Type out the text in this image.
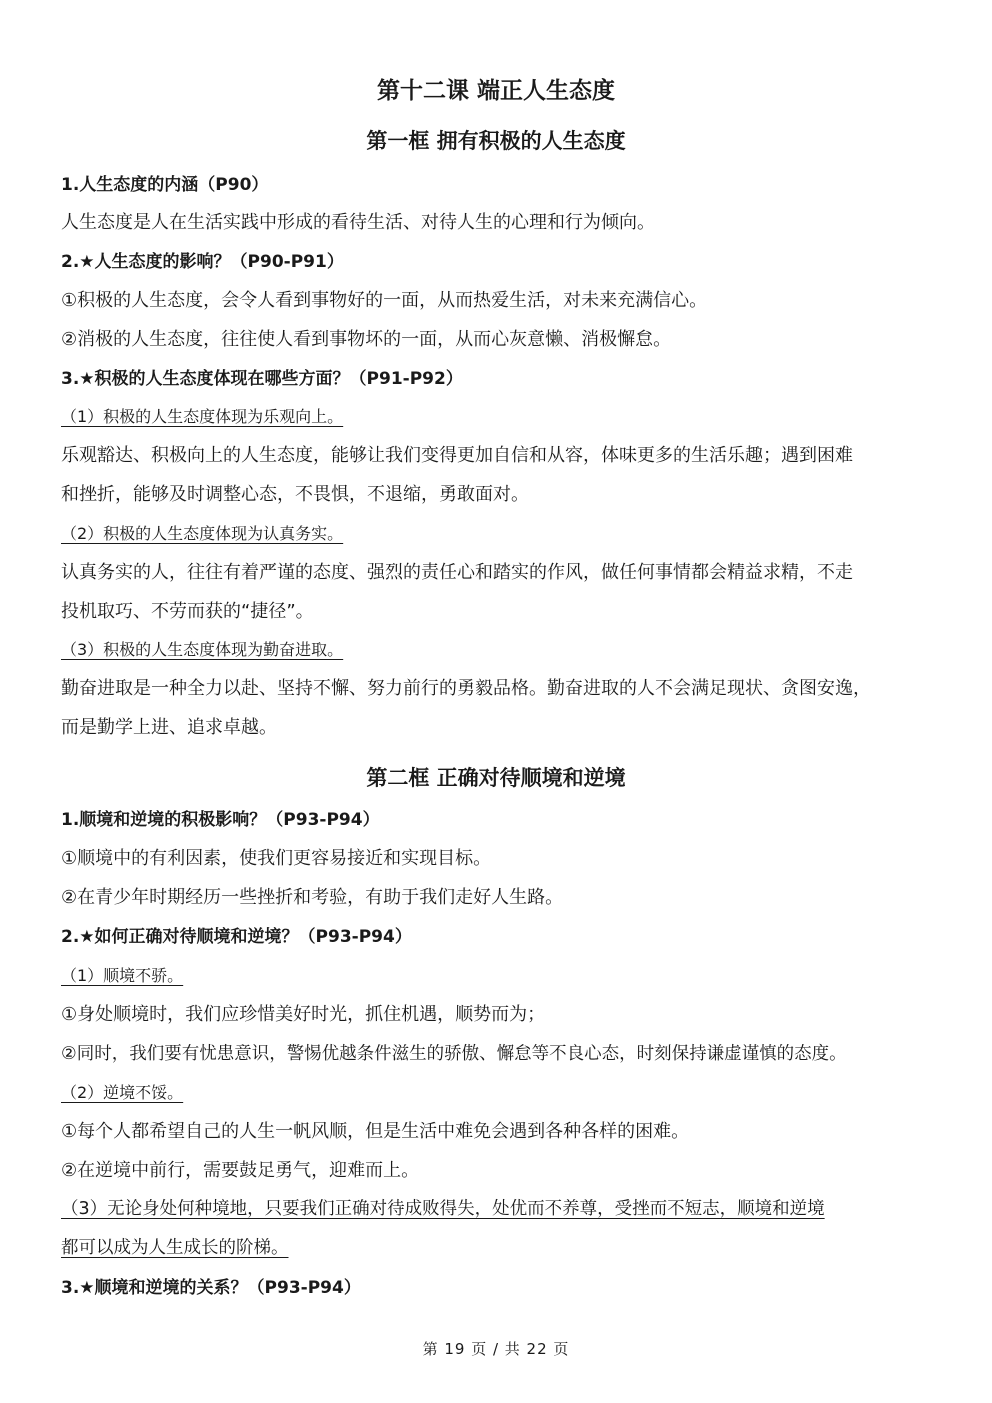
第十二课 端正人生态度
第一框 拥有积极的人生态度
1.人生态度的内涵（P90）
人生态度是人在生活实践中形成的看待生活、对待人生的心理和行为倾向。
2.★人生态度的影响？（P90-P91）
①积极的人生态度，会令人看到事物好的一面，从而热爱生活，对未来充满信心。
②消极的人生态度，往往使人看到事物坏的一面，从而心灰意懒、消极懈怠。
3.★积极的人生态度体现在哪些方面？（P91-P92）
（1）积极的人生态度体现为乐观向上。
乐观豁达、积极向上的人生态度，能够让我们变得更加自信和从容，体味更多的生活乐趣；遇到困难
和挫折，能够及时调整心态，不畏惧，不退缩，勇敢面对。
（2）积极的人生态度体现为认真务实。
认真务实的人，往往有着严谨的态度、强烈的责任心和踏实的作风，做任何事情都会精益求精，不走
投机取巧、不劳而获的“捷径”。
（3）积极的人生态度体现为勤奋进取。
勤奋进取是一种全力以赴、坚持不懈、努力前行的勇毅品格。勤奋进取的人不会满足现状、贪图安逸，
而是勤学上进、追求卓越。
第二框 正确对待顺境和逆境
1.顺境和逆境的积极影响？（P93-P94）
①顺境中的有利因素，使我们更容易接近和实现目标。
②在青少年时期经历一些挫折和考验，有助于我们走好人生路。
2.★如何正确对待顺境和逆境？（P93-P94）
（1）顺境不骄。
①身处顺境时，我们应珍惜美好时光，抓住机遇，顺势而为；
②同时，我们要有忧患意识，警惕优越条件滋生的骄傲、懈怠等不良心态，时刻保持谦虚谨慎的态度。
（2）逆境不馁。
①每个人都希望自己的人生一帆风顺，但是生活中难免会遇到各种各样的困难。
②在逆境中前行，需要鼓足勇气，迎难而上。
（3）无论身处何种境地，只要我们正确对待成败得失，处优而不养尊，受挫而不短志，顺境和逆境
都可以成为人生成长的阶梯。
3.★顺境和逆境的关系？（P93-P94）
第 19 页 / 共 22 页
